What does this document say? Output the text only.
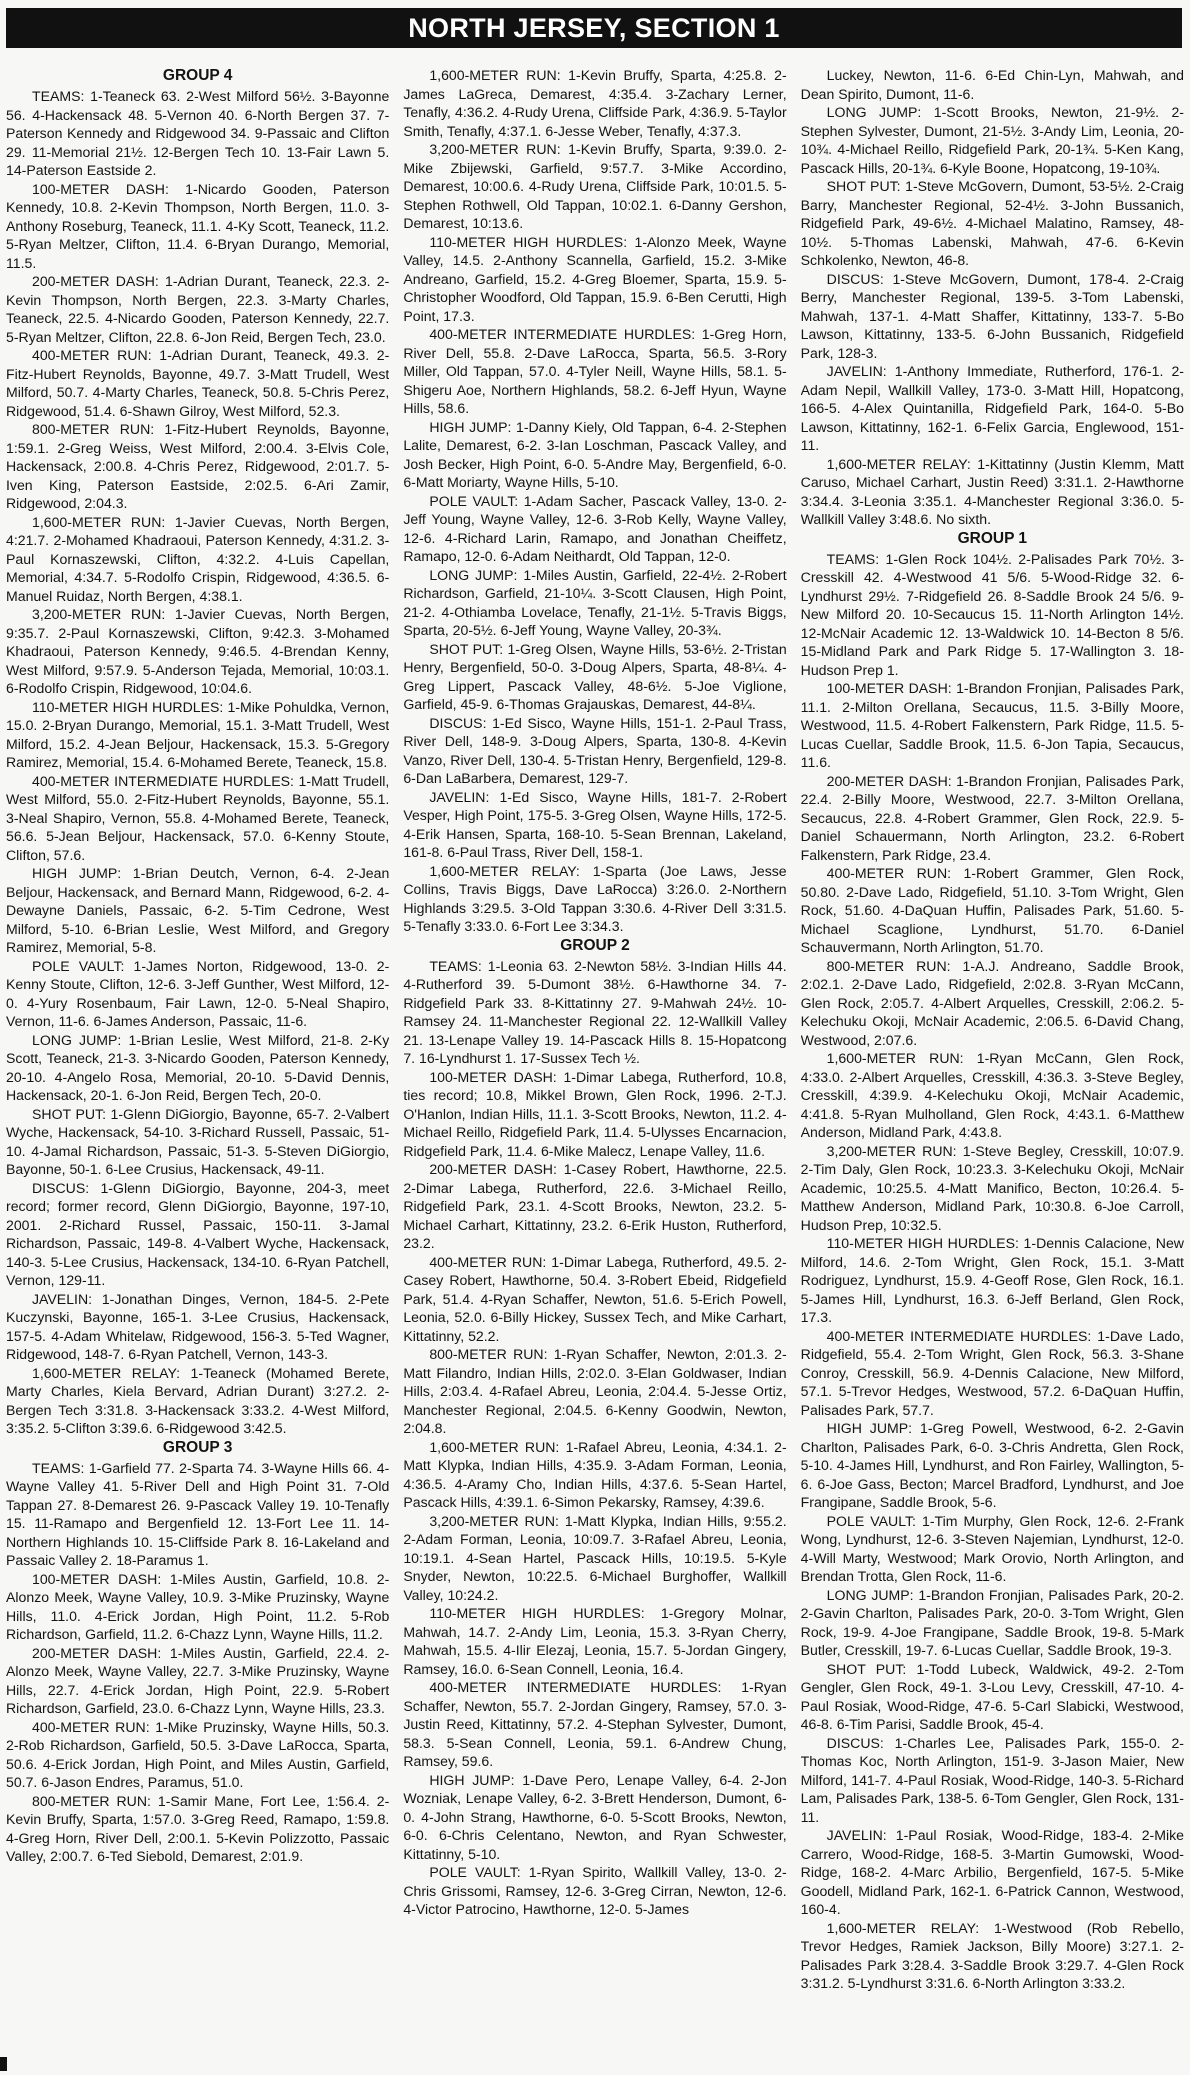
NORTH JERSEY, SECTION 1
GROUP 4

TEAMS: 1-Teaneck 63. 2-West Milford 56½. 3-Bayonne 56. 4-Hackensack 48. 5-Vernon 40. 6-North Bergen 37. 7-Paterson Kennedy and Ridgewood 34. 9-Passaic and Clifton 29. 11-Memorial 21½. 12-Bergen Tech 10. 13-Fair Lawn 5. 14-Paterson Eastside 2.

100-METER DASH: 1-Nicardo Gooden, Paterson Kennedy, 10.8. 2-Kevin Thompson, North Bergen, 11.0. 3-Anthony Roseburg, Teaneck, 11.1. 4-Ky Scott, Teaneck, 11.2. 5-Ryan Meltzer, Clifton, 11.4. 6-Bryan Durango, Memorial, 11.5.

200-METER DASH: 1-Adrian Durant, Teaneck, 22.3. 2-Kevin Thompson, North Bergen, 22.3. 3-Marty Charles, Teaneck, 22.5. 4-Nicardo Gooden, Paterson Kennedy, 22.7. 5-Ryan Meltzer, Clifton, 22.8. 6-Jon Reid, Bergen Tech, 23.0.

400-METER RUN: 1-Adrian Durant, Teaneck, 49.3. 2-Fitz-Hubert Reynolds, Bayonne, 49.7. 3-Matt Trudell, West Milford, 50.7. 4-Marty Charles, Teaneck, 50.8. 5-Chris Perez, Ridgewood, 51.4. 6-Shawn Gilroy, West Milford, 52.3.

800-METER RUN: 1-Fitz-Hubert Reynolds, Bayonne, 1:59.1. 2-Greg Weiss, West Milford, 2:00.4. 3-Elvis Cole, Hackensack, 2:00.8. 4-Chris Perez, Ridgewood, 2:01.7. 5-Iven King, Paterson Eastside, 2:02.5. 6-Ari Zamir, Ridgewood, 2:04.3.

1,600-METER RUN: 1-Javier Cuevas, North Bergen, 4:21.7. 2-Mohamed Khadraoui, Paterson Kennedy, 4:31.2. 3-Paul Kornaszewski, Clifton, 4:32.2. 4-Luis Capellan, Memorial, 4:34.7. 5-Rodolfo Crispin, Ridgewood, 4:36.5. 6-Manuel Ruidaz, North Bergen, 4:38.1.

3,200-METER RUN: 1-Javier Cuevas, North Bergen, 9:35.7. 2-Paul Kornaszewski, Clifton, 9:42.3. 3-Mohamed Khadraoui, Paterson Kennedy, 9:46.5. 4-Brendan Kenny, West Milford, 9:57.9. 5-Anderson Tejada, Memorial, 10:03.1. 6-Rodolfo Crispin, Ridgewood, 10:04.6.

110-METER HIGH HURDLES: 1-Mike Pohuldka, Vernon, 15.0. 2-Bryan Durango, Memorial, 15.1. 3-Matt Trudell, West Milford, 15.2. 4-Jean Beljour, Hackensack, 15.3. 5-Gregory Ramirez, Memorial, 15.4. 6-Mohamed Berete, Teaneck, 15.8.

400-METER INTERMEDIATE HURDLES: 1-Matt Trudell, West Milford, 55.0. 2-Fitz-Hubert Reynolds, Bayonne, 55.1. 3-Neal Shapiro, Vernon, 55.8. 4-Mohamed Berete, Teaneck, 56.6. 5-Jean Beljour, Hackensack, 57.0. 6-Kenny Stoute, Clifton, 57.6.

HIGH JUMP: 1-Brian Deutch, Vernon, 6-4. 2-Jean Beljour, Hackensack, and Bernard Mann, Ridgewood, 6-2. 4-Dewayne Daniels, Passaic, 6-2. 5-Tim Cedrone, West Milford, 5-10. 6-Brian Leslie, West Milford, and Gregory Ramirez, Memorial, 5-8.

POLE VAULT: 1-James Norton, Ridgewood, 13-0. 2-Kenny Stoute, Clifton, 12-6. 3-Jeff Gunther, West Milford, 12-0. 4-Yury Rosenbaum, Fair Lawn, 12-0. 5-Neal Shapiro, Vernon, 11-6. 6-James Anderson, Passaic, 11-6.

LONG JUMP: 1-Brian Leslie, West Milford, 21-8. 2-Ky Scott, Teaneck, 21-3. 3-Nicardo Gooden, Paterson Kennedy, 20-10. 4-Angelo Rosa, Memorial, 20-10. 5-David Dennis, Hackensack, 20-1. 6-Jon Reid, Bergen Tech, 20-0.

SHOT PUT: 1-Glenn DiGiorgio, Bayonne, 65-7. 2-Valbert Wyche, Hackensack, 54-10. 3-Richard Russell, Passaic, 51-10. 4-Jamal Richardson, Passaic, 51-3. 5-Steven DiGiorgio, Bayonne, 50-1. 6-Lee Crusius, Hackensack, 49-11.

DISCUS: 1-Glenn DiGiorgio, Bayonne, 204-3, meet record; former record, Glenn DiGiorgio, Bayonne, 197-10, 2001. 2-Richard Russel, Passaic, 150-11. 3-Jamal Richardson, Passaic, 149-8. 4-Valbert Wyche, Hackensack, 140-3. 5-Lee Crusius, Hackensack, 134-10. 6-Ryan Patchell, Vernon, 129-11.

JAVELIN: 1-Jonathan Dinges, Vernon, 184-5. 2-Pete Kuczynski, Bayonne, 165-1. 3-Lee Crusius, Hackensack, 157-5. 4-Adam Whitelaw, Ridgewood, 156-3. 5-Ted Wagner, Ridgewood, 148-7. 6-Ryan Patchell, Vernon, 143-3.

1,600-METER RELAY: 1-Teaneck (Mohamed Berete, Marty Charles, Kiela Bervard, Adrian Durant) 3:27.2. 2-Bergen Tech 3:31.8. 3-Hackensack 3:33.2. 4-West Milford, 3:35.2. 5-Clifton 3:39.6. 6-Ridgewood 3:42.5.

GROUP 3

TEAMS: 1-Garfield 77. 2-Sparta 74. 3-Wayne Hills 66. 4-Wayne Valley 41. 5-River Dell and High Point 31. 7-Old Tappan 27. 8-Demarest 26. 9-Pascack Valley 19. 10-Tenafly 15. 11-Ramapo and Bergenfield 12. 13-Fort Lee 11. 14-Northern Highlands 10. 15-Cliffside Park 8. 16-Lakeland and Passaic Valley 2. 18-Paramus 1.

100-METER DASH: 1-Miles Austin, Garfield, 10.8. 2-Alonzo Meek, Wayne Valley, 10.9. 3-Mike Pruzinsky, Wayne Hills, 11.0. 4-Erick Jordan, High Point, 11.2. 5-Rob Richardson, Garfield, 11.2. 6-Chazz Lynn, Wayne Hills, 11.2.

200-METER DASH: 1-Miles Austin, Garfield, 22.4. 2-Alonzo Meek, Wayne Valley, 22.7. 3-Mike Pruzinsky, Wayne Hills, 22.7. 4-Erick Jordan, High Point, 22.9. 5-Robert Richardson, Garfield, 23.0. 6-Chazz Lynn, Wayne Hills, 23.3.

400-METER RUN: 1-Mike Pruzinsky, Wayne Hills, 50.3. 2-Rob Richardson, Garfield, 50.5. 3-Dave LaRocca, Sparta, 50.6. 4-Erick Jordan, High Point, and Miles Austin, Garfield, 50.7. 6-Jason Endres, Paramus, 51.0.

800-METER RUN: 1-Samir Mane, Fort Lee, 1:56.4. 2-Kevin Bruffy, Sparta, 1:57.0. 3-Greg Reed, Ramapo, 1:59.8. 4-Greg Horn, River Dell, 2:00.1. 5-Kevin Polizzotto, Passaic Valley, 2:00.7. 6-Ted Siebold, Demarest, 2:01.9.

1,600-METER RUN: 1-Kevin Bruffy, Sparta, 4:25.8. 2-James LaGreca, Demarest, 4:35.4. 3-Zachary Lerner, Tenafly, 4:36.2. 4-Rudy Urena, Cliffside Park, 4:36.9. 5-Taylor Smith, Tenafly, 4:37.1. 6-Jesse Weber, Tenafly, 4:37.3.

3,200-METER RUN: 1-Kevin Bruffy, Sparta, 9:39.0. 2-Mike Zbijewski, Garfield, 9:57.7. 3-Mike Accordino, Demarest, 10:00.6. 4-Rudy Urena, Cliffside Park, 10:01.5. 5-Stephen Rothwell, Old Tappan, 10:02.1. 6-Danny Gershon, Demarest, 10:13.6.

110-METER HIGH HURDLES: 1-Alonzo Meek, Wayne Valley, 14.5. 2-Anthony Scannella, Garfield, 15.2. 3-Mike Andreano, Garfield, 15.2. 4-Greg Bloemer, Sparta, 15.9. 5-Christopher Woodford, Old Tappan, 15.9. 6-Ben Cerutti, High Point, 17.3.

400-METER INTERMEDIATE HURDLES: 1-Greg Horn, River Dell, 55.8. 2-Dave LaRocca, Sparta, 56.5. 3-Rory Miller, Old Tappan, 57.0. 4-Tyler Neill, Wayne Hills, 58.1. 5-Shigeru Aoe, Northern Highlands, 58.2. 6-Jeff Hyun, Wayne Hills, 58.6.

HIGH JUMP: 1-Danny Kiely, Old Tappan, 6-4. 2-Stephen Lalite, Demarest, 6-2. 3-Ian Loschman, Pascack Valley, and Josh Becker, High Point, 6-0. 5-Andre May, Bergenfield, 6-0. 6-Matt Moriarty, Wayne Hills, 5-10.

POLE VAULT: 1-Adam Sacher, Pascack Valley, 13-0. 2-Jeff Young, Wayne Valley, 12-6. 3-Rob Kelly, Wayne Valley, 12-6. 4-Richard Larin, Ramapo, and Jonathan Cheiffetz, Ramapo, 12-0. 6-Adam Neithardt, Old Tappan, 12-0.

LONG JUMP: 1-Miles Austin, Garfield, 22-4½. 2-Robert Richardson, Garfield, 21-10¼. 3-Scott Clausen, High Point, 21-2. 4-Othiamba Lovelace, Tenafly, 21-1½. 5-Travis Biggs, Sparta, 20-5½. 6-Jeff Young, Wayne Valley, 20-3¾.

SHOT PUT: 1-Greg Olsen, Wayne Hills, 53-6½. 2-Tristan Henry, Bergenfield, 50-0. 3-Doug Alpers, Sparta, 48-8¼. 4-Greg Lippert, Pascack Valley, 48-6½. 5-Joe Viglione, Garfield, 45-9. 6-Thomas Grajauskas, Demarest, 44-8¼.

DISCUS: 1-Ed Sisco, Wayne Hills, 151-1. 2-Paul Trass, River Dell, 148-9. 3-Doug Alpers, Sparta, 130-8. 4-Kevin Vanzo, River Dell, 130-4. 5-Tristan Henry, Bergenfield, 129-8. 6-Dan LaBarbera, Demarest, 129-7.

JAVELIN: 1-Ed Sisco, Wayne Hills, 181-7. 2-Robert Vesper, High Point, 175-5. 3-Greg Olsen, Wayne Hills, 172-5. 4-Erik Hansen, Sparta, 168-10. 5-Sean Brennan, Lakeland, 161-8. 6-Paul Trass, River Dell, 158-1.

1,600-METER RELAY: 1-Sparta (Joe Laws, Jesse Collins, Travis Biggs, Dave LaRocca) 3:26.0. 2-Northern Highlands 3:29.5. 3-Old Tappan 3:30.6. 4-River Dell 3:31.5. 5-Tenafly 3:33.0. 6-Fort Lee 3:34.3.

GROUP 2

TEAMS: 1-Leonia 63. 2-Newton 58½. 3-Indian Hills 44. 4-Rutherford 39. 5-Dumont 38½. 6-Hawthorne 34. 7-Ridgefield Park 33. 8-Kittatinny 27. 9-Mahwah 24½. 10-Ramsey 24. 11-Manchester Regional 22. 12-Wallkill Valley 21. 13-Lenape Valley 19. 14-Pascack Hills 8. 15-Hopatcong 7. 16-Lyndhurst 1. 17-Sussex Tech ½.

100-METER DASH: 1-Dimar Labega, Rutherford, 10.8, ties record; 10.8, Mikkel Brown, Glen Rock, 1996. 2-T.J. O'Hanlon, Indian Hills, 11.1. 3-Scott Brooks, Newton, 11.2. 4-Michael Reillo, Ridgefield Park, 11.4. 5-Ulysses Encarnacion, Ridgefield Park, 11.4. 6-Mike Malecz, Lenape Valley, 11.6.

200-METER DASH: 1-Casey Robert, Hawthorne, 22.5. 2-Dimar Labega, Rutherford, 22.6. 3-Michael Reillo, Ridgefield Park, 23.1. 4-Scott Brooks, Newton, 23.2. 5-Michael Carhart, Kittatinny, 23.2. 6-Erik Huston, Rutherford, 23.2.

400-METER RUN: 1-Dimar Labega, Rutherford, 49.5. 2-Casey Robert, Hawthorne, 50.4. 3-Robert Ebeid, Ridgefield Park, 51.4. 4-Ryan Schaffer, Newton, 51.6. 5-Erich Powell, Leonia, 52.0. 6-Billy Hickey, Sussex Tech, and Mike Carhart, Kittatinny, 52.2.

800-METER RUN: 1-Ryan Schaffer, Newton, 2:01.3. 2-Matt Filandro, Indian Hills, 2:02.0. 3-Elan Goldwaser, Indian Hills, 2:03.4. 4-Rafael Abreu, Leonia, 2:04.4. 5-Jesse Ortiz, Manchester Regional, 2:04.5. 6-Kenny Goodwin, Newton, 2:04.8.

1,600-METER RUN: 1-Rafael Abreu, Leonia, 4:34.1. 2-Matt Klypka, Indian Hills, 4:35.9. 3-Adam Forman, Leonia, 4:36.5. 4-Aramy Cho, Indian Hills, 4:37.6. 5-Sean Hartel, Pascack Hills, 4:39.1. 6-Simon Pekarsky, Ramsey, 4:39.6.

3,200-METER RUN: 1-Matt Klypka, Indian Hills, 9:55.2. 2-Adam Forman, Leonia, 10:09.7. 3-Rafael Abreu, Leonia, 10:19.1. 4-Sean Hartel, Pascack Hills, 10:19.5. 5-Kyle Snyder, Newton, 10:22.5. 6-Michael Burghoffer, Wallkill Valley, 10:24.2.

110-METER HIGH HURDLES: 1-Gregory Molnar, Mahwah, 14.7. 2-Andy Lim, Leonia, 15.3. 3-Ryan Cherry, Mahwah, 15.5. 4-Ilir Elezaj, Leonia, 15.7. 5-Jordan Gingery, Ramsey, 16.0. 6-Sean Connell, Leonia, 16.4.

400-METER INTERMEDIATE HURDLES: 1-Ryan Schaffer, Newton, 55.7. 2-Jordan Gingery, Ramsey, 57.0. 3-Justin Reed, Kittatinny, 57.2. 4-Stephan Sylvester, Dumont, 58.3. 5-Sean Connell, Leonia, 59.1. 6-Andrew Chung, Ramsey, 59.6.

HIGH JUMP: 1-Dave Pero, Lenape Valley, 6-4. 2-Jon Wozniak, Lenape Valley, 6-2. 3-Brett Henderson, Dumont, 6-0. 4-John Strang, Hawthorne, 6-0. 5-Scott Brooks, Newton, 6-0. 6-Chris Celentano, Newton, and Ryan Schwester, Kittatinny, 5-10.

POLE VAULT: 1-Ryan Spirito, Wallkill Valley, 13-0. 2-Chris Grissomi, Ramsey, 12-6. 3-Greg Cirran, Newton, 12-6. 4-Victor Patrocino, Hawthorne, 12-0. 5-James

Luckey, Newton, 11-6. 6-Ed Chin-Lyn, Mahwah, and Dean Spirito, Dumont, 11-6.

LONG JUMP: 1-Scott Brooks, Newton, 21-9½. 2-Stephen Sylvester, Dumont, 21-5½. 3-Andy Lim, Leonia, 20-10¾. 4-Michael Reillo, Ridgefield Park, 20-1¾. 5-Ken Kang, Pascack Hills, 20-1¾. 6-Kyle Boone, Hopatcong, 19-10¾.

SHOT PUT: 1-Steve McGovern, Dumont, 53-5½. 2-Craig Barry, Manchester Regional, 52-4½. 3-John Bussanich, Ridgefield Park, 49-6½. 4-Michael Malatino, Ramsey, 48-10½. 5-Thomas Labenski, Mahwah, 47-6. 6-Kevin Schkolenko, Newton, 46-8.

DISCUS: 1-Steve McGovern, Dumont, 178-4. 2-Craig Berry, Manchester Regional, 139-5. 3-Tom Labenski, Mahwah, 137-1. 4-Matt Shaffer, Kittatinny, 133-7. 5-Bo Lawson, Kittatinny, 133-5. 6-John Bussanich, Ridgefield Park, 128-3.

JAVELIN: 1-Anthony Immediate, Rutherford, 176-1. 2-Adam Nepil, Wallkill Valley, 173-0. 3-Matt Hill, Hopatcong, 166-5. 4-Alex Quintanilla, Ridgefield Park, 164-0. 5-Bo Lawson, Kittatinny, 162-1. 6-Felix Garcia, Englewood, 151-11.

1,600-METER RELAY: 1-Kittatinny (Justin Klemm, Matt Caruso, Michael Carhart, Justin Reed) 3:31.1. 2-Hawthorne 3:34.4. 3-Leonia 3:35.1. 4-Manchester Regional 3:36.0. 5-Wallkill Valley 3:48.6. No sixth.

GROUP 1

TEAMS: 1-Glen Rock 104½. 2-Palisades Park 70½. 3-Cresskill 42. 4-Westwood 41 5/6. 5-Wood-Ridge 32. 6-Lyndhurst 29½. 7-Ridgefield 26. 8-Saddle Brook 24 5/6. 9-New Milford 20. 10-Secaucus 15. 11-North Arlington 14½. 12-McNair Academic 12. 13-Waldwick 10. 14-Becton 8 5/6. 15-Midland Park and Park Ridge 5. 17-Wallington 3. 18-Hudson Prep 1.

100-METER DASH: 1-Brandon Fronjian, Palisades Park, 11.1. 2-Milton Orellana, Secaucus, 11.5. 3-Billy Moore, Westwood, 11.5. 4-Robert Falkenstern, Park Ridge, 11.5. 5-Lucas Cuellar, Saddle Brook, 11.5. 6-Jon Tapia, Secaucus, 11.6.

200-METER DASH: 1-Brandon Fronjian, Palisades Park, 22.4. 2-Billy Moore, Westwood, 22.7. 3-Milton Orellana, Secaucus, 22.8. 4-Robert Grammer, Glen Rock, 22.9. 5-Daniel Schauermann, North Arlington, 23.2. 6-Robert Falkenstern, Park Ridge, 23.4.

400-METER RUN: 1-Robert Grammer, Glen Rock, 50.80. 2-Dave Lado, Ridgefield, 51.10. 3-Tom Wright, Glen Rock, 51.60. 4-DaQuan Huffin, Palisades Park, 51.60. 5-Michael Scaglione, Lyndhurst, 51.70. 6-Daniel Schauvermann, North Arlington, 51.70.

800-METER RUN: 1-A.J. Andreano, Saddle Brook, 2:02.1. 2-Dave Lado, Ridgefield, 2:02.8. 3-Ryan McCann, Glen Rock, 2:05.7. 4-Albert Arquelles, Cresskill, 2:06.2. 5-Kelechuku Okoji, McNair Academic, 2:06.5. 6-David Chang, Westwood, 2:07.6.

1,600-METER RUN: 1-Ryan McCann, Glen Rock, 4:33.0. 2-Albert Arquelles, Cresskill, 4:36.3. 3-Steve Begley, Cresskill, 4:39.9. 4-Kelechuku Okoji, McNair Academic, 4:41.8. 5-Ryan Mulholland, Glen Rock, 4:43.1. 6-Matthew Anderson, Midland Park, 4:43.8.

3,200-METER RUN: 1-Steve Begley, Cresskill, 10:07.9. 2-Tim Daly, Glen Rock, 10:23.3. 3-Kelechuku Okoji, McNair Academic, 10:25.5. 4-Matt Manifico, Becton, 10:26.4. 5-Matthew Anderson, Midland Park, 10:30.8. 6-Joe Carroll, Hudson Prep, 10:32.5.

110-METER HIGH HURDLES: 1-Dennis Calacione, New Milford, 14.6. 2-Tom Wright, Glen Rock, 15.1. 3-Matt Rodriguez, Lyndhurst, 15.9. 4-Geoff Rose, Glen Rock, 16.1. 5-James Hill, Lyndhurst, 16.3. 6-Jeff Berland, Glen Rock, 17.3.

400-METER INTERMEDIATE HURDLES: 1-Dave Lado, Ridgefield, 55.4. 2-Tom Wright, Glen Rock, 56.3. 3-Shane Conroy, Cresskill, 56.9. 4-Dennis Calacione, New Milford, 57.1. 5-Trevor Hedges, Westwood, 57.2. 6-DaQuan Huffin, Palisades Park, 57.7.

HIGH JUMP: 1-Greg Powell, Westwood, 6-2. 2-Gavin Charlton, Palisades Park, 6-0. 3-Chris Andretta, Glen Rock, 5-10. 4-James Hill, Lyndhurst, and Ron Fairley, Wallington, 5-6. 6-Joe Gass, Becton; Marcel Bradford, Lyndhurst, and Joe Frangipane, Saddle Brook, 5-6.

POLE VAULT: 1-Tim Murphy, Glen Rock, 12-6. 2-Frank Wong, Lyndhurst, 12-6. 3-Steven Najemian, Lyndhurst, 12-0. 4-Will Marty, Westwood; Mark Orovio, North Arlington, and Brendan Trotta, Glen Rock, 11-6.

LONG JUMP: 1-Brandon Fronjian, Palisades Park, 20-2. 2-Gavin Charlton, Palisades Park, 20-0. 3-Tom Wright, Glen Rock, 19-9. 4-Joe Frangipane, Saddle Brook, 19-8. 5-Mark Butler, Cresskill, 19-7. 6-Lucas Cuellar, Saddle Brook, 19-3.

SHOT PUT: 1-Todd Lubeck, Waldwick, 49-2. 2-Tom Gengler, Glen Rock, 49-1. 3-Lou Levy, Cresskill, 47-10. 4-Paul Rosiak, Wood-Ridge, 47-6. 5-Carl Slabicki, Westwood, 46-8. 6-Tim Parisi, Saddle Brook, 45-4.

DISCUS: 1-Charles Lee, Palisades Park, 155-0. 2-Thomas Koc, North Arlington, 151-9. 3-Jason Maier, New Milford, 141-7. 4-Paul Rosiak, Wood-Ridge, 140-3. 5-Richard Lam, Palisades Park, 138-5. 6-Tom Gengler, Glen Rock, 131-11.

JAVELIN: 1-Paul Rosiak, Wood-Ridge, 183-4. 2-Mike Carrero, Wood-Ridge, 168-5. 3-Martin Gumowski, Wood-Ridge, 168-2. 4-Marc Arbilio, Bergenfield, 167-5. 5-Mike Goodell, Midland Park, 162-1. 6-Patrick Cannon, Westwood, 160-4.

1,600-METER RELAY: 1-Westwood (Rob Rebello, Trevor Hedges, Ramiek Jackson, Billy Moore) 3:27.1. 2-Palisades Park 3:28.4. 3-Saddle Brook 3:29.7. 4-Glen Rock 3:31.2. 5-Lyndhurst 3:31.6. 6-North Arlington 3:33.2.
